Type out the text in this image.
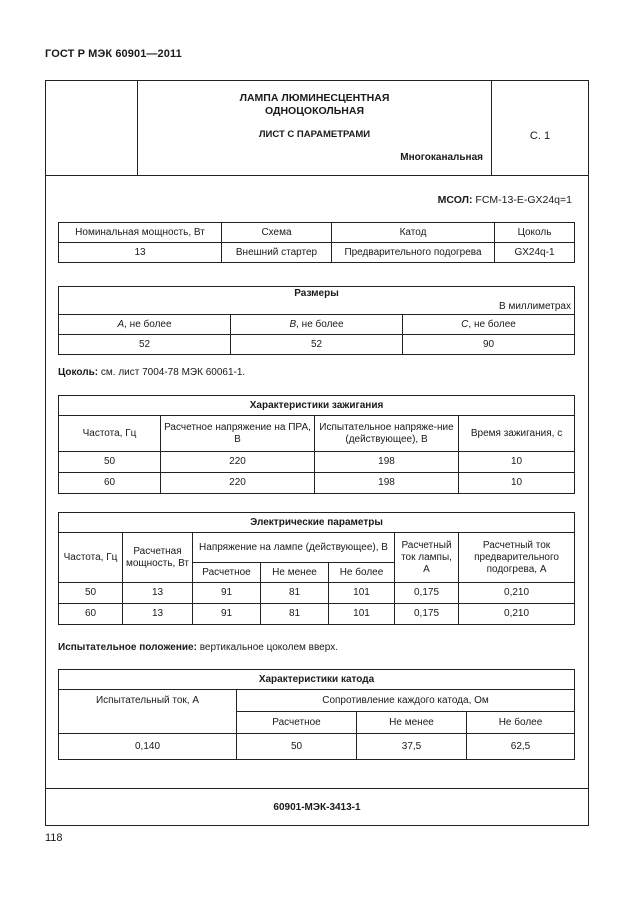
ГОСТ Р МЭК 60901—2011
ЛАМПА ЛЮМИНЕСЦЕНТНАЯ
ОДНОЦОКОЛЬНАЯ
ЛИСТ С ПАРАМЕТРАМИ
Многоканальная
С. 1
МСОЛ: FCM-13-E-GX24q=1
Номинальная мощность, Вт	Схема	Катод	Цоколь
13	Внешний стартер	Предварительного подогрева	GX24q-1
Размеры
В миллиметрах		

A, не более	B, не более	C, не более
52	52	90
Цоколь: см. лист 7004-78 МЭК 60061-1.
Характеристики зажигания			
Частота, Гц	Расчетное напряжение на ПРА, В	Испытательное напряже-ние (действующее), В	Время зажигания, с
50	220	198	10
60	220	198	10
Электрические параметры						
Частота, Гц	Расчетная мощность, Вт	Напряжение на лампе (действующее), В			Расчетный ток лампы, А	Расчетный ток предварительного подогрева, А
		Расчетное	Не менее	Не более		
50	13	91	81	101	0,175	0,210
60	13	91	81	101	0,175	0,210
Испытательное положение: вертикальное цоколем вверх.
Характеристики катода			
Испытательный ток, А	Сопротивление каждого катода, Ом		
	Расчетное	Не менее	Не более
0,140	50	37,5	62,5
60901-МЭК-3413-1
118
